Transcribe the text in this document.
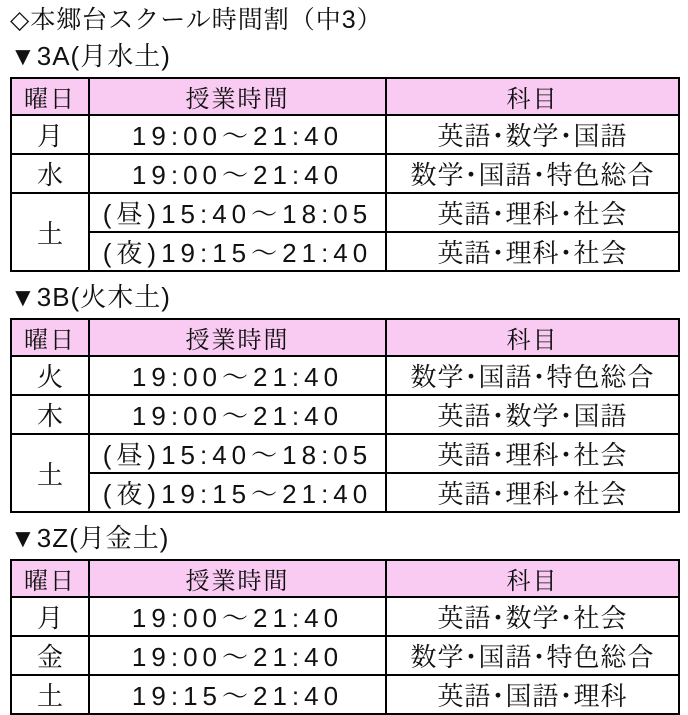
◇本郷台スクール時間割（中3）
▼3A(月水土)
曜日	授業時間	科目
月	19:00～21:40	英語･数学･国語
水	19:00～21:40	数学･国語･特色総合
土	(昼)15:40～18:05	英語･理科･社会
	(夜)19:15～21:40	英語･理科･社会
▼3B(火木土)
曜日	授業時間	科目
火	19:00～21:40	数学･国語･特色総合
木	19:00～21:40	英語･数学･国語
土	(昼)15:40～18:05	英語･理科･社会
	(夜)19:15～21:40	英語･理科･社会
▼3Z(月金土)
曜日	授業時間	科目
月	19:00～21:40	英語･数学･社会
金	19:00～21:40	数学･国語･特色総合
土	19:15～21:40	英語･国語･理科
